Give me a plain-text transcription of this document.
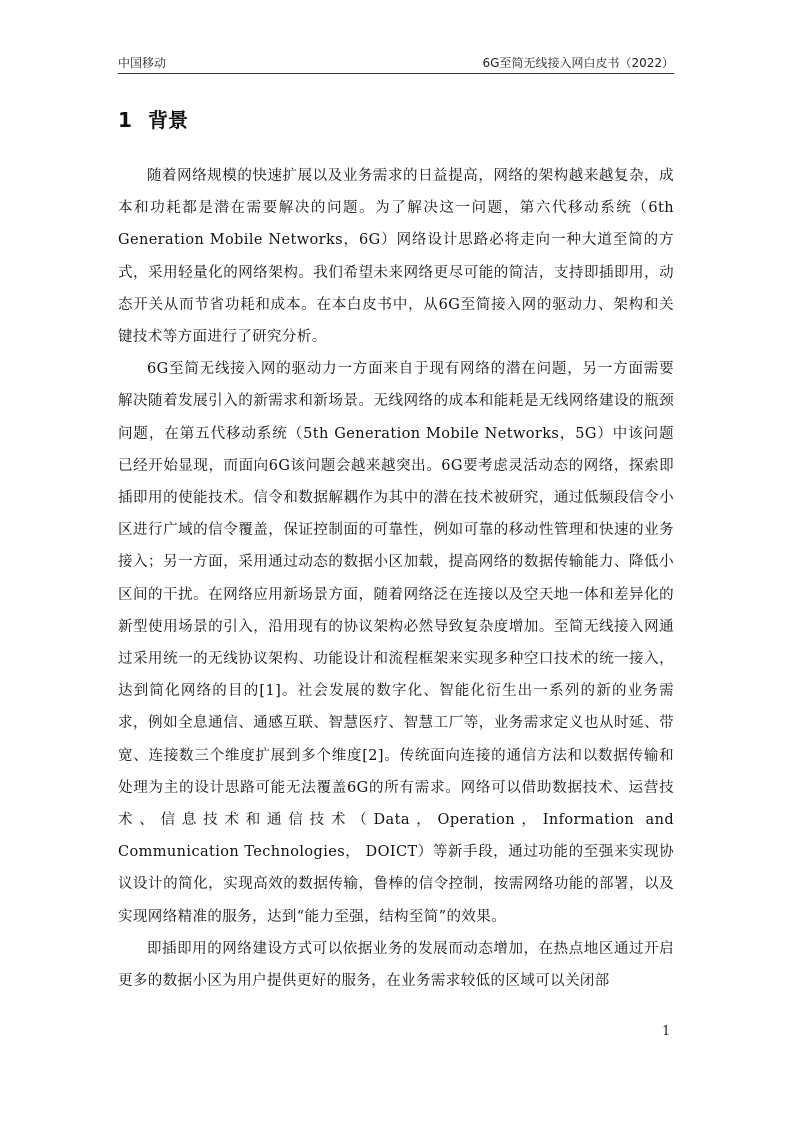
中国移动	6G至简无线接入网白皮书（2022）
1 背景

随着网络规模的快速扩展以及业务需求的日益提高，网络的架构越来越复杂，成本和功耗都是潜在需要解决的问题。为了解决这一问题，第六代移动系统（6th Generation Mobile Networks，6G）网络设计思路必将走向一种大道至简的方式，采用轻量化的网络架构。我们希望未来网络更尽可能的简洁，支持即插即用，动态开关从而节省功耗和成本。在本白皮书中，从6G至简接入网的驱动力、架构和关键技术等方面进行了研究分析。

6G至简无线接入网的驱动力一方面来自于现有网络的潜在问题，另一方面需要解决随着发展引入的新需求和新场景。无线网络的成本和能耗是无线网络建设的瓶颈问题，在第五代移动系统（5th Generation Mobile Networks，5G）中该问题已经开始显现，而面向6G该问题会越来越突出。6G要考虑灵活动态的网络，探索即插即用的使能技术。信令和数据解耦作为其中的潜在技术被研究，通过低频段信令小区进行广域的信令覆盖，保证控制面的可靠性，例如可靠的移动性管理和快速的业务接入；另一方面，采用通过动态的数据小区加载，提高网络的数据传输能力、降低小区间的干扰。在网络应用新场景方面，随着网络泛在连接以及空天地一体和差异化的新型使用场景的引入，沿用现有的协议架构必然导致复杂度增加。至简无线接入网通过采用统一的无线协议架构、功能设计和流程框架来实现多种空口技术的统一接入，达到简化网络的目的[1]。社会发展的数字化、智能化衍生出一系列的新的业务需求，例如全息通信、通感互联、智慧医疗、智慧工厂等，业务需求定义也从时延、带宽、连接数三个维度扩展到多个维度[2]。传统面向连接的通信方法和以数据传输和处理为主的设计思路可能无法覆盖6G的所有需求。网络可以借助数据技术、运营技术、信息技术和通信技术（Data，Operation，Information and Communication Technologies， DOICT）等新手段，通过功能的至强来实现协议设计的简化，实现高效的数据传输，鲁棒的信令控制，按需网络功能的部署，以及实现网络精准的服务，达到“能力至强，结构至简”的效果。

即插即用的网络建设方式可以依据业务的发展而动态增加，在热点地区通过开启更多的数据小区为用户提供更好的服务，在业务需求较低的区域可以关闭部

1
